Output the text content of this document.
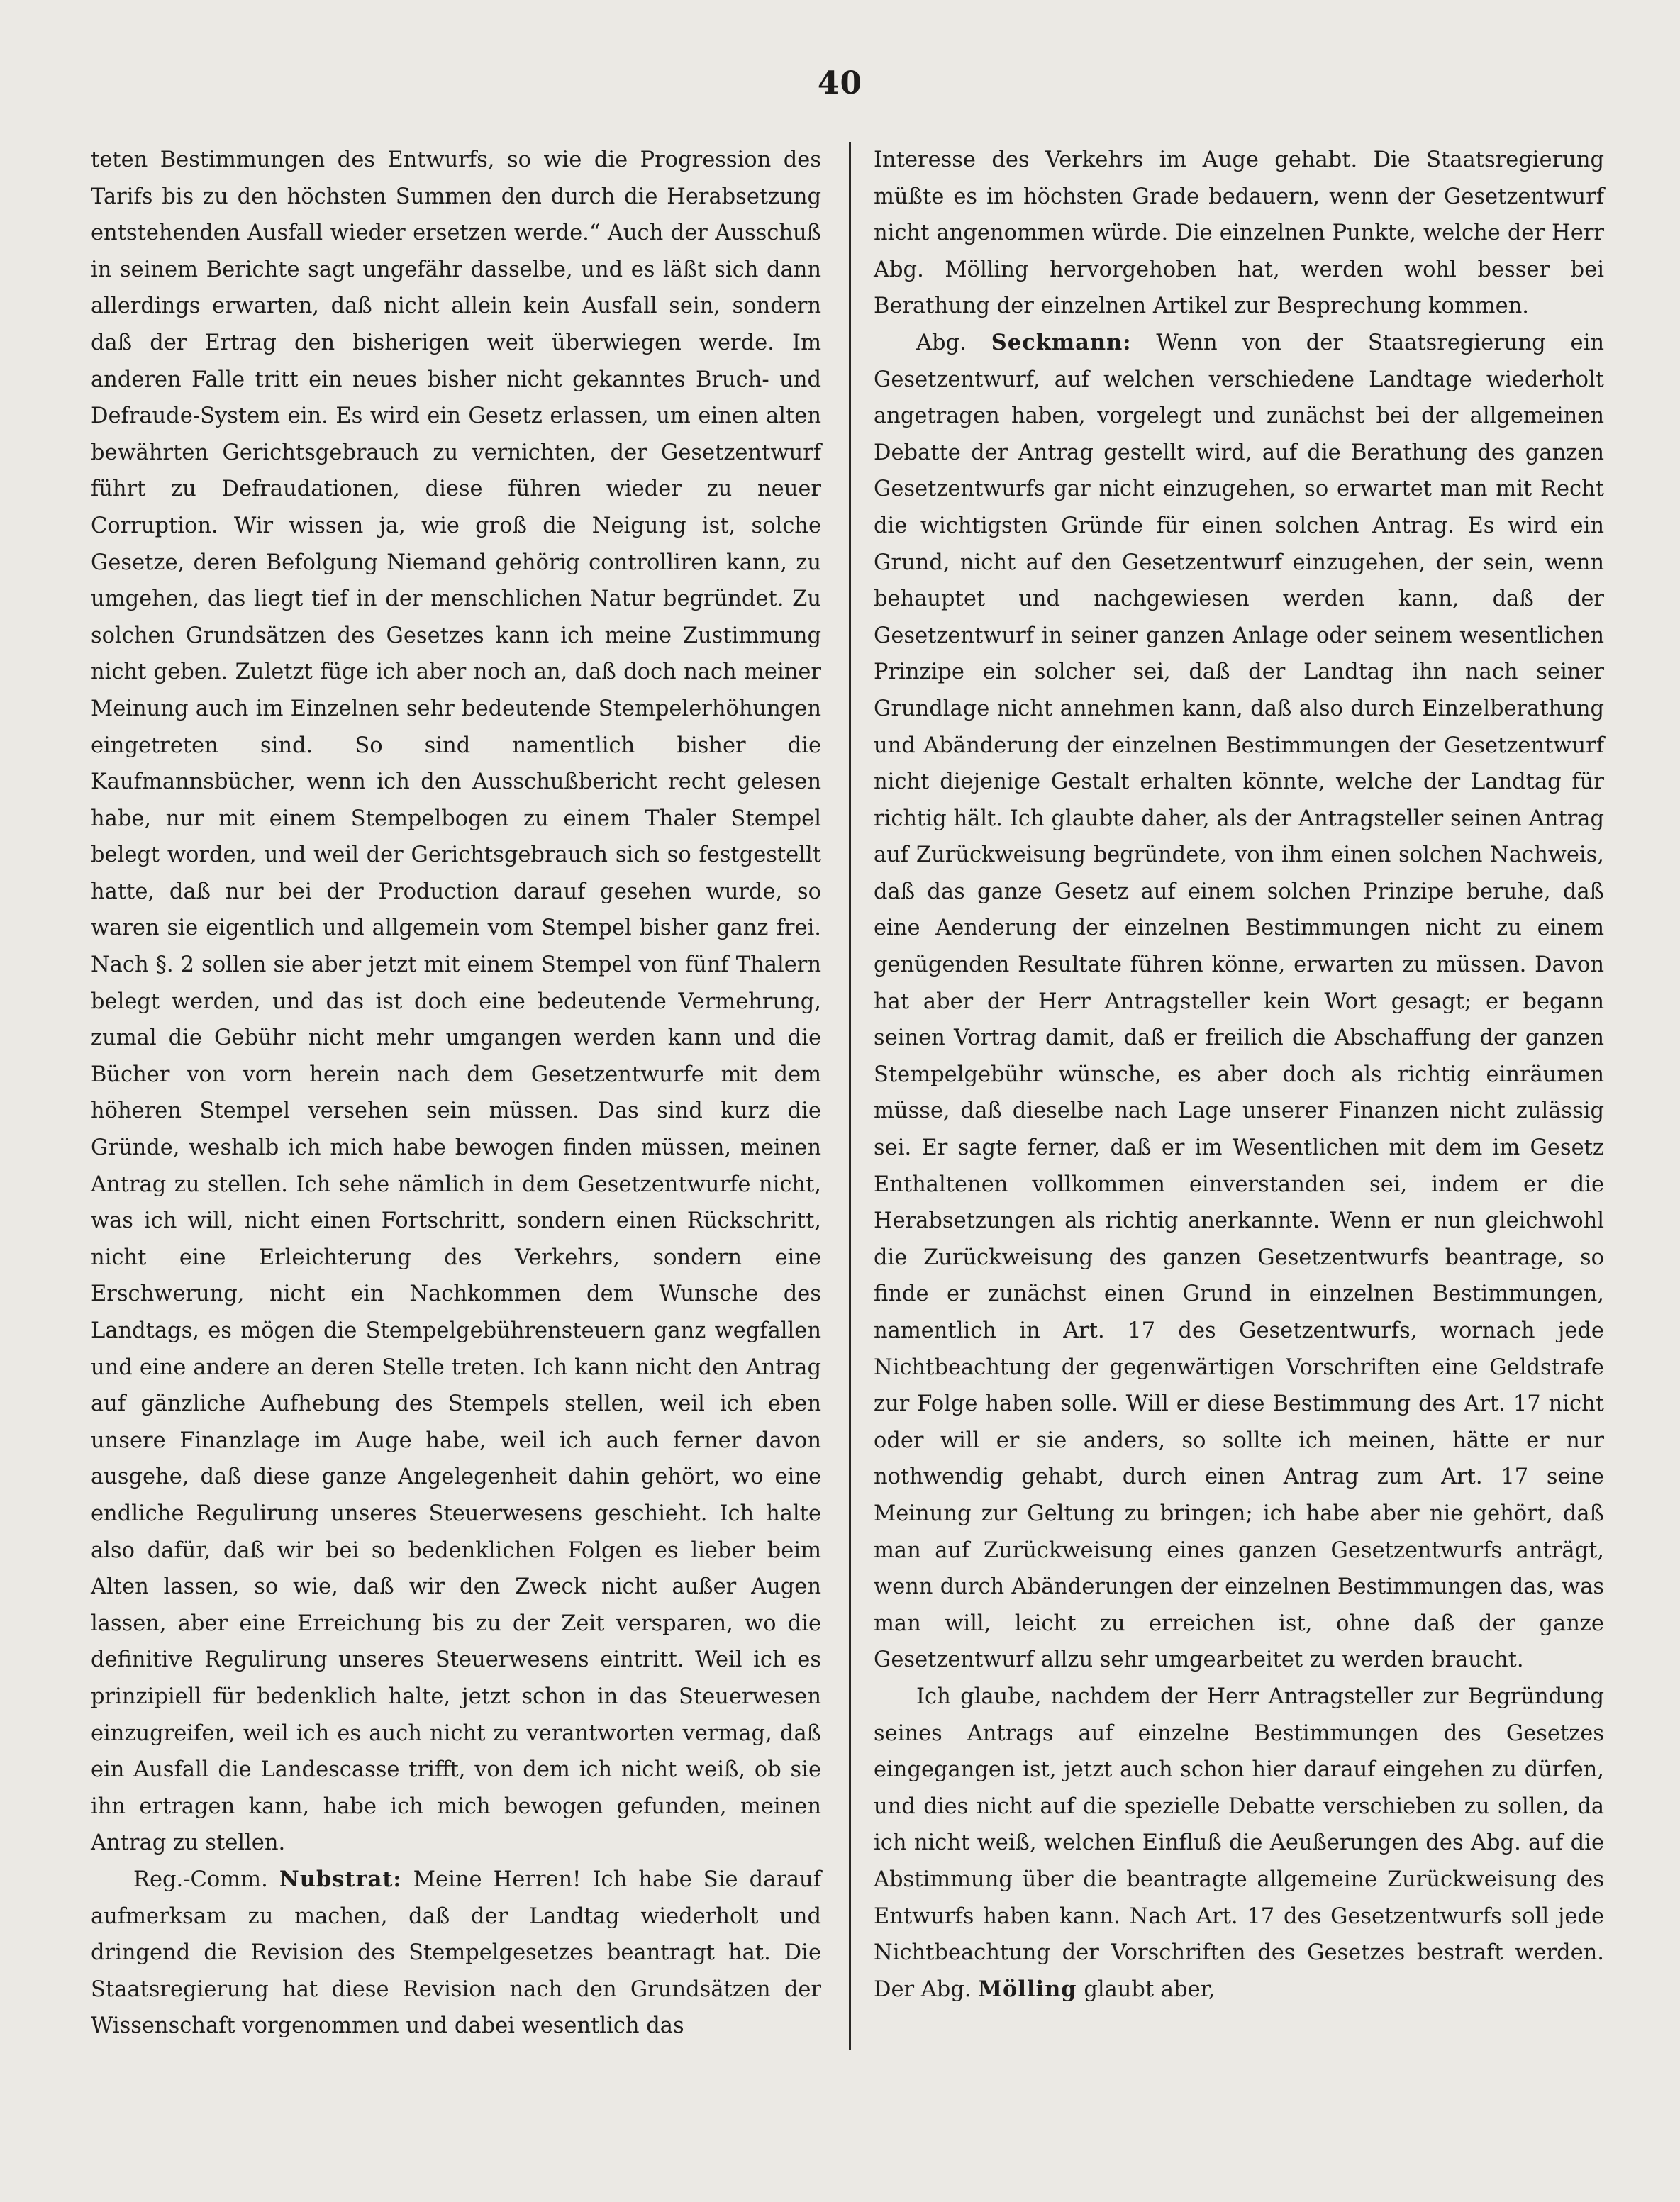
40

teten Bestimmungen des Entwurfs, so wie die Progression des Tarifs bis zu den höchsten Summen den durch die Herabsetzung entstehenden Ausfall wieder ersetzen werde.“ Auch der Ausschuß in seinem Berichte sagt ungefähr dasselbe, und es läßt sich dann allerdings erwarten, daß nicht allein kein Ausfall sein, sondern daß der Ertrag den bisherigen weit überwiegen werde. Im anderen Falle tritt ein neues bisher nicht gekanntes Bruch- und Defraude-System ein. Es wird ein Gesetz erlassen, um einen alten bewährten Gerichtsgebrauch zu vernichten, der Gesetzentwurf führt zu Defraudationen, diese führen wieder zu neuer Corruption. Wir wissen ja, wie groß die Neigung ist, solche Gesetze, deren Befolgung Niemand gehörig controlliren kann, zu umgehen, das liegt tief in der menschlichen Natur begründet. Zu solchen Grundsätzen des Gesetzes kann ich meine Zustimmung nicht geben. Zuletzt füge ich aber noch an, daß doch nach meiner Meinung auch im Einzelnen sehr bedeutende Stempelerhöhungen eingetreten sind. So sind namentlich bisher die Kaufmannsbücher, wenn ich den Ausschußbericht recht gelesen habe, nur mit einem Stempelbogen zu einem Thaler Stempel belegt worden, und weil der Gerichtsgebrauch sich so festgestellt hatte, daß nur bei der Production darauf gesehen wurde, so waren sie eigentlich und allgemein vom Stempel bisher ganz frei. Nach §. 2 sollen sie aber jetzt mit einem Stempel von fünf Thalern belegt werden, und das ist doch eine bedeutende Vermehrung, zumal die Gebühr nicht mehr umgangen werden kann und die Bücher von vorn herein nach dem Gesetzentwurfe mit dem höheren Stempel versehen sein müssen. Das sind kurz die Gründe, weshalb ich mich habe bewogen finden müssen, meinen Antrag zu stellen. Ich sehe nämlich in dem Gesetzentwurfe nicht, was ich will, nicht einen Fortschritt, sondern einen Rückschritt, nicht eine Erleichterung des Verkehrs, sondern eine Erschwerung, nicht ein Nachkommen dem Wunsche des Landtags, es mögen die Stempelgebührensteuern ganz wegfallen und eine andere an deren Stelle treten. Ich kann nicht den Antrag auf gänzliche Aufhebung des Stempels stellen, weil ich eben unsere Finanzlage im Auge habe, weil ich auch ferner davon ausgehe, daß diese ganze Angelegenheit dahin gehört, wo eine endliche Regulirung unseres Steuerwesens geschieht. Ich halte also dafür, daß wir bei so bedenklichen Folgen es lieber beim Alten lassen, so wie, daß wir den Zweck nicht außer Augen lassen, aber eine Erreichung bis zu der Zeit versparen, wo die definitive Regulirung unseres Steuerwesens eintritt. Weil ich es prinzipiell für bedenklich halte, jetzt schon in das Steuerwesen einzugreifen, weil ich es auch nicht zu verantworten vermag, daß ein Ausfall die Landescasse trifft, von dem ich nicht weiß, ob sie ihn ertragen kann, habe ich mich bewogen gefunden, meinen Antrag zu stellen.

Reg.-Comm. Nubstrat: Meine Herren! Ich habe Sie darauf aufmerksam zu machen, daß der Landtag wiederholt und dringend die Revision des Stempelgesetzes beantragt hat. Die Staatsregierung hat diese Revision nach den Grundsätzen der Wissenschaft vorgenommen und dabei wesentlich das

Interesse des Verkehrs im Auge gehabt. Die Staatsregierung müßte es im höchsten Grade bedauern, wenn der Gesetzentwurf nicht angenommen würde. Die einzelnen Punkte, welche der Herr Abg. Mölling hervorgehoben hat, werden wohl besser bei Berathung der einzelnen Artikel zur Besprechung kommen.

Abg. Seckmann: Wenn von der Staatsregierung ein Gesetzentwurf, auf welchen verschiedene Landtage wiederholt angetragen haben, vorgelegt und zunächst bei der allgemeinen Debatte der Antrag gestellt wird, auf die Berathung des ganzen Gesetzentwurfs gar nicht einzugehen, so erwartet man mit Recht die wichtigsten Gründe für einen solchen Antrag. Es wird ein Grund, nicht auf den Gesetzentwurf einzugehen, der sein, wenn behauptet und nachgewiesen werden kann, daß der Gesetzentwurf in seiner ganzen Anlage oder seinem wesentlichen Prinzipe ein solcher sei, daß der Landtag ihn nach seiner Grundlage nicht annehmen kann, daß also durch Einzelberathung und Abänderung der einzelnen Bestimmungen der Gesetzentwurf nicht diejenige Gestalt erhalten könnte, welche der Landtag für richtig hält. Ich glaubte daher, als der Antragsteller seinen Antrag auf Zurückweisung begründete, von ihm einen solchen Nachweis, daß das ganze Gesetz auf einem solchen Prinzipe beruhe, daß eine Aenderung der einzelnen Bestimmungen nicht zu einem genügenden Resultate führen könne, erwarten zu müssen. Davon hat aber der Herr Antragsteller kein Wort gesagt; er begann seinen Vortrag damit, daß er freilich die Abschaffung der ganzen Stempelgebühr wünsche, es aber doch als richtig einräumen müsse, daß dieselbe nach Lage unserer Finanzen nicht zulässig sei. Er sagte ferner, daß er im Wesentlichen mit dem im Gesetz Enthaltenen vollkommen einverstanden sei, indem er die Herabsetzungen als richtig anerkannte. Wenn er nun gleichwohl die Zurückweisung des ganzen Gesetzentwurfs beantrage, so finde er zunächst einen Grund in einzelnen Bestimmungen, namentlich in Art. 17 des Gesetzentwurfs, wornach jede Nichtbeachtung der gegenwärtigen Vorschriften eine Geldstrafe zur Folge haben solle. Will er diese Bestimmung des Art. 17 nicht oder will er sie anders, so sollte ich meinen, hätte er nur nothwendig gehabt, durch einen Antrag zum Art. 17 seine Meinung zur Geltung zu bringen; ich habe aber nie gehört, daß man auf Zurückweisung eines ganzen Gesetzentwurfs anträgt, wenn durch Abänderungen der einzelnen Bestimmungen das, was man will, leicht zu erreichen ist, ohne daß der ganze Gesetzentwurf allzu sehr umgearbeitet zu werden braucht.

Ich glaube, nachdem der Herr Antragsteller zur Begründung seines Antrags auf einzelne Bestimmungen des Gesetzes eingegangen ist, jetzt auch schon hier darauf eingehen zu dürfen, und dies nicht auf die spezielle Debatte verschieben zu sollen, da ich nicht weiß, welchen Einfluß die Aeußerungen des Abg. auf die Abstimmung über die beantragte allgemeine Zurückweisung des Entwurfs haben kann. Nach Art. 17 des Gesetzentwurfs soll jede Nichtbeachtung der Vorschriften des Gesetzes bestraft werden. Der Abg. Mölling glaubt aber,
